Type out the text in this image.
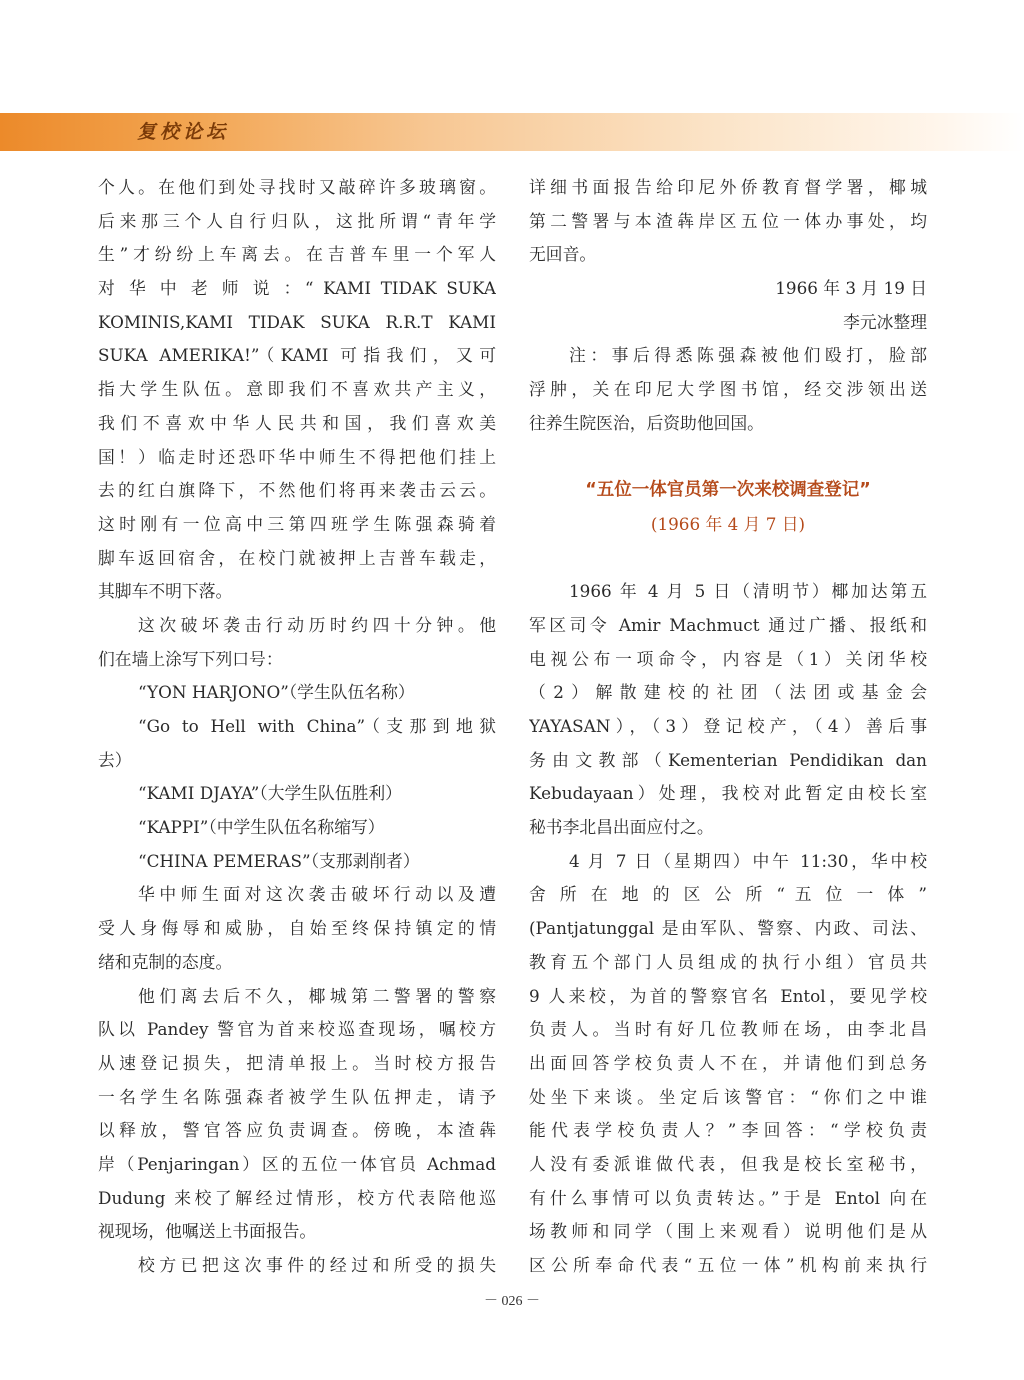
复校论坛
个人。在他们到处寻找时又敲碎许多玻璃窗。
后来那三个人自行归队，这批所谓“青年学
生”才纷纷上车离去。在吉普车里一个军人
对 华 中 老 师 说 ：“ KAMI TIDAK SUKA
KOMINIS,KAMI TIDAK SUKA R.R.T KAMI
SUKA AMERIKA!”（KAMI 可指我们，又可
指大学生队伍。意即我们不喜欢共产主义，
我们不喜欢中华人民共和国，我们喜欢美
国！）临走时还恐吓华中师生不得把他们挂上
去的红白旗降下，不然他们将再来袭击云云。
这时刚有一位高中三第四班学生陈强森骑着
脚车返回宿舍，在校门就被押上吉普车载走，
其脚车不明下落。
这次破坏袭击行动历时约四十分钟。他
们在墙上涂写下列口号：
“YON HARJONO”（学生队伍名称）
“Go to Hell with China”（支那到地狱
去）
“KAMI DJAYA”（大学生队伍胜利）
“KAPPI”（中学生队伍名称缩写）
“CHINA PEMERAS”（支那剥削者）
华中师生面对这次袭击破坏行动以及遭
受人身侮辱和威胁，自始至终保持镇定的情
绪和克制的态度。
他们离去后不久，椰城第二警署的警察
队以 Pandey 警官为首来校巡查现场，嘱校方
从速登记损失，把清单报上。当时校方报告
一名学生名陈强森者被学生队伍押走，请予
以释放，警官答应负责调查。傍晚，本渣犇
岸（Penjaringan）区的五位一体官员 Achmad
Dudung 来校了解经过情形，校方代表陪他巡
视现场，他嘱送上书面报告。
校方已把这次事件的经过和所受的损失
详细书面报告给印尼外侨教育督学署，椰城
第二警署与本渣犇岸区五位一体办事处，均
无回音。
1966 年 3 月 19 日
李元冰整理
注：事后得悉陈强森被他们殴打，脸部
浮肿，关在印尼大学图书馆，经交涉领出送
往养生院医治，后资助他回国。
“五位一体官员第一次来校调查登记”
(1966 年 4 月 7 日)
1966 年 4 月 5 日（清明节）椰加达第五
军区司令 Amir Machmuct 通过广播、报纸和
电视公布一项命令，内容是（1）关闭华校
（2）解散建校的社团（法团或基金会
YAYASAN），（3）登记校产，（4）善后事
务由文教部（Kementerian Pendidikan dan
Kebudayaan）处理，我校对此暂定由校长室
秘书李北昌出面应付之。
4 月 7 日（星期四）中午 11:30，华中校
舍 所 在 地 的 区 公 所 “ 五 位 一 体 ”
(Pantjatunggal 是由军队、警察、内政、司法、
教育五个部门人员组成的执行小组）官员共
9 人来校，为首的警察官名 Entol，要见学校
负责人。当时有好几位教师在场，由李北昌
出面回答学校负责人不在，并请他们到总务
处坐下来谈。坐定后该警官：“你们之中谁
能代表学校负责人？”李回答：“学校负责
人没有委派谁做代表，但我是校长室秘书，
有什么事情可以负责转达。”于是 Entol 向在
场教师和同学（围上来观看）说明他们是从
区公所奉命代表“五位一体”机构前来执行
－ 026 －
